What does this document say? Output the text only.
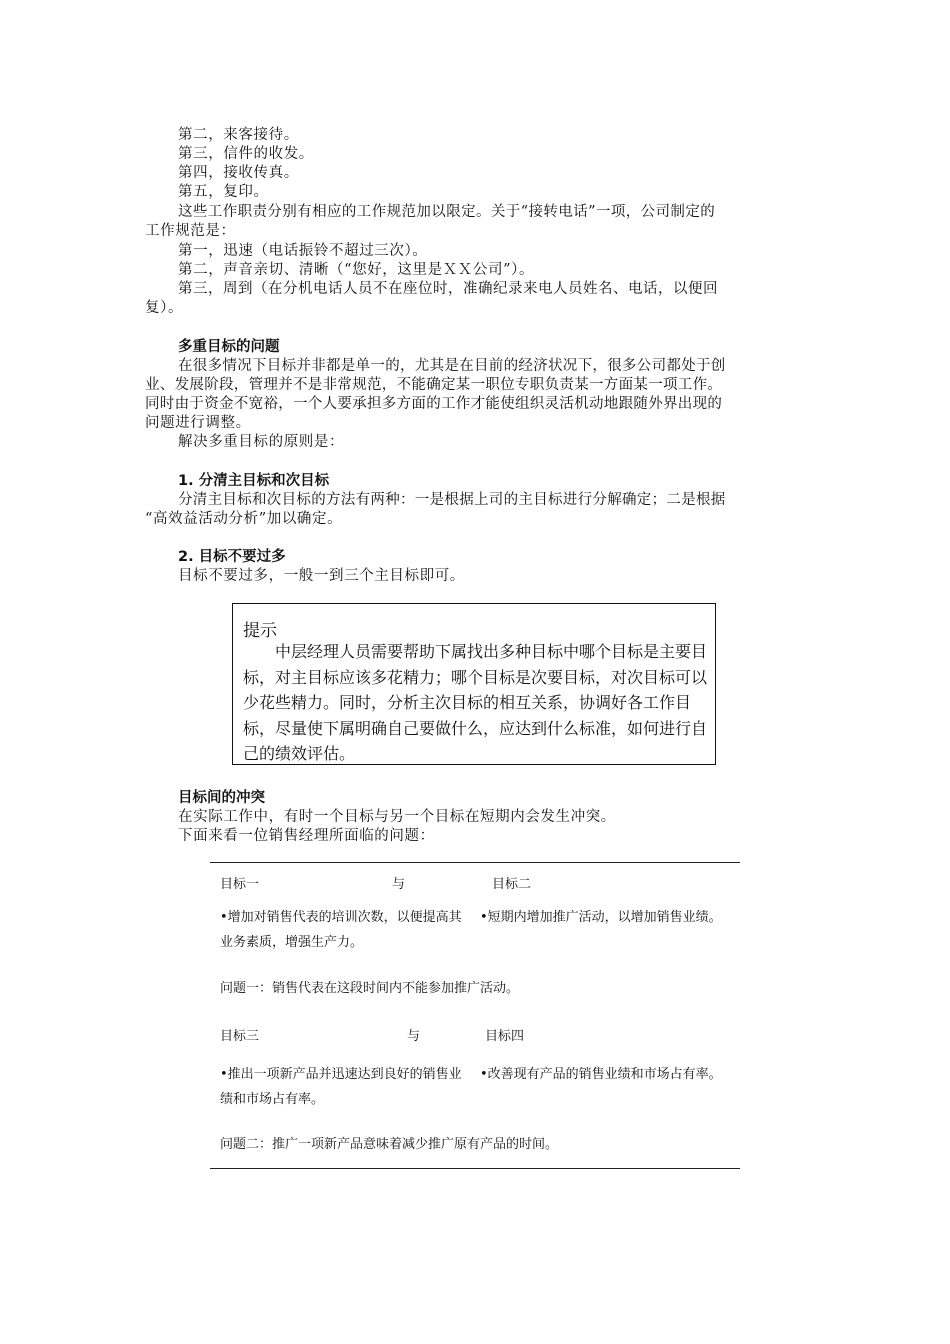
第二，来客接待。
第三，信件的收发。
第四，接收传真。
第五，复印。
这些工作职责分别有相应的工作规范加以限定。关于“接转电话”一项，公司制定的
工作规范是：
第一，迅速（电话振铃不超过三次）。
第二，声音亲切、清晰（“您好，这里是ＸＸ公司”）。
第三，周到（在分机电话人员不在座位时，准确纪录来电人员姓名、电话，以便回
复）。
多重目标的问题
在很多情况下目标并非都是单一的，尤其是在目前的经济状况下，很多公司都处于创
业、发展阶段，管理并不是非常规范，不能确定某一职位专职负责某一方面某一项工作。
同时由于资金不宽裕，一个人要承担多方面的工作才能使组织灵活机动地跟随外界出现的
问题进行调整。
解决多重目标的原则是：
1. 分清主目标和次目标
分清主目标和次目标的方法有两种：一是根据上司的主目标进行分解确定；二是根据
“高效益活动分析”加以确定。
2. 目标不要过多
目标不要过多，一般一到三个主目标即可。
提示
中层经理人员需要帮助下属找出多种目标中哪个目标是主要目标，对主目标应该多花精力；哪个目标是次要目标，对次目标可以少花些精力。同时，分析主次目标的相互关系，协调好各工作目标，尽量使下属明确自己要做什么，应达到什么标准，如何进行自己的绩效评估。
目标间的冲突
在实际工作中，有时一个目标与另一个目标在短期内会发生冲突。
下面来看一位销售经理所面临的问题：
目标一	与	目标二
•增加对销售代表的培训次数，以便提高其业务素质，增强生产力。
•短期内增加推广活动，以增加销售业绩。
问题一：销售代表在这段时间内不能参加推广活动。
目标三	与	目标四
•推出一项新产品并迅速达到良好的销售业绩和市场占有率。
•改善现有产品的销售业绩和市场占有率。
问题二：推广一项新产品意味着减少推广原有产品的时间。
